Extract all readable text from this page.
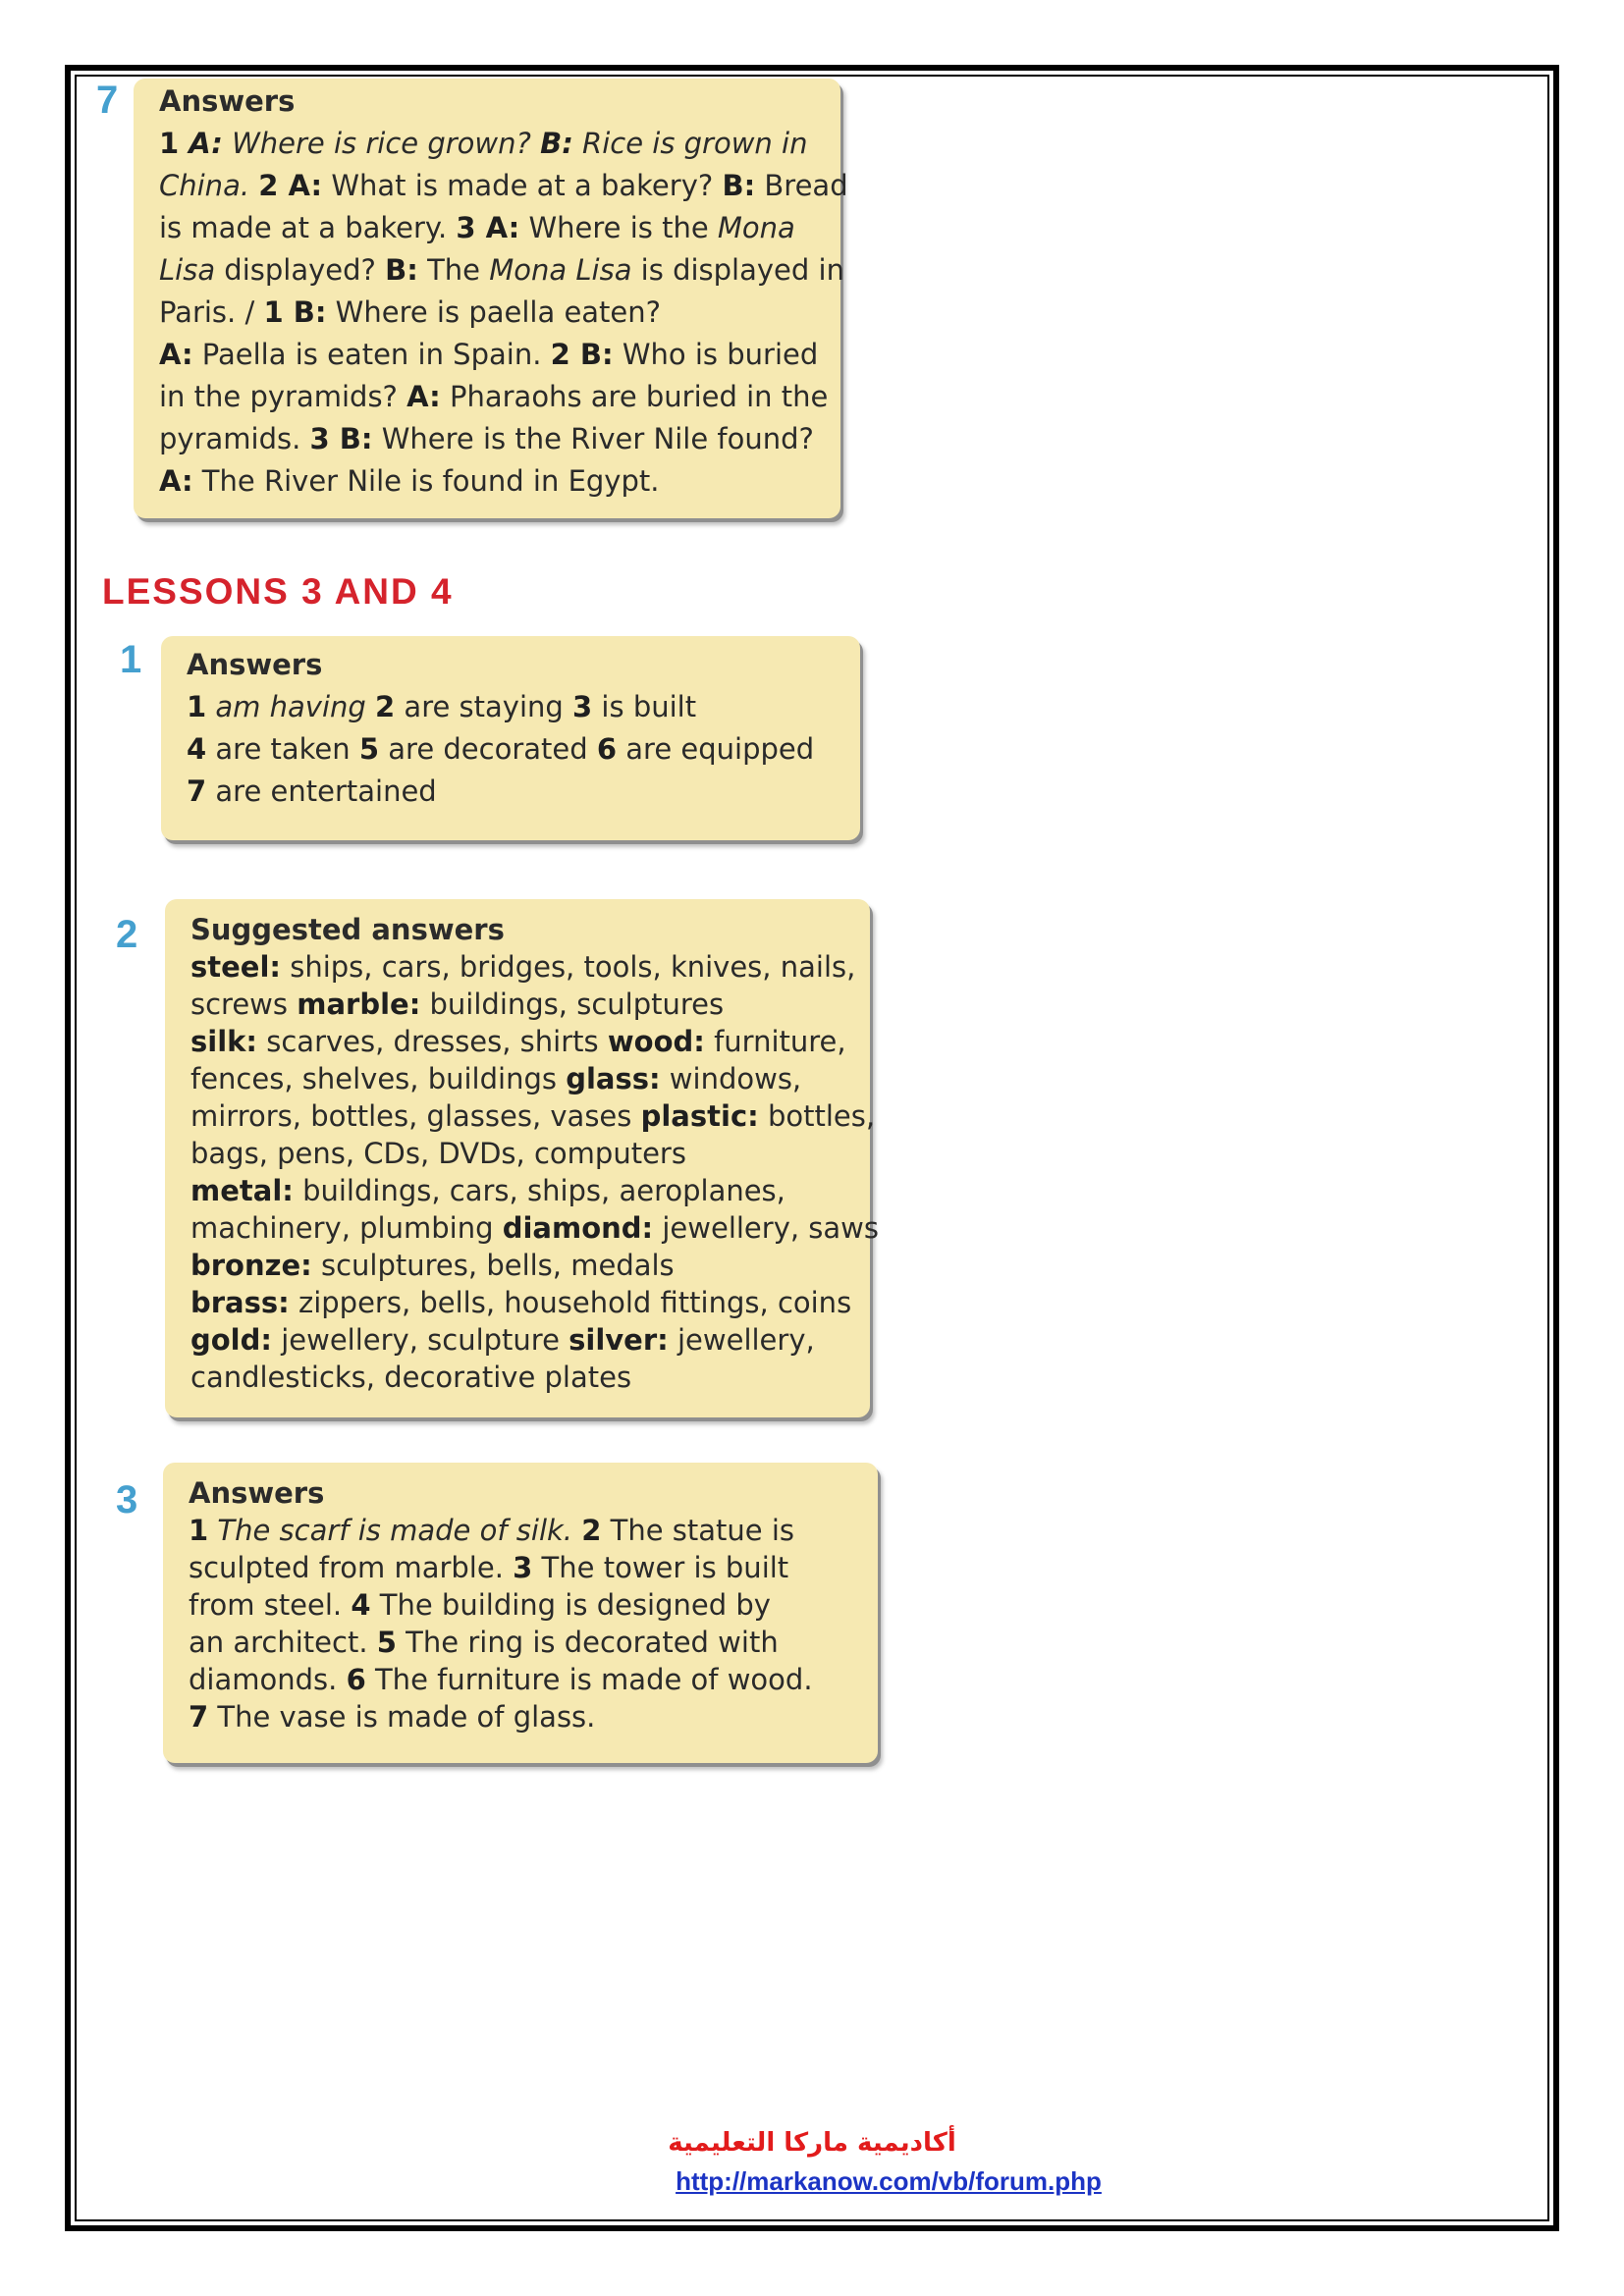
7 Answers
1 A: Where is rice grown? B: Rice is grown in
China. 2 A: What is made at a bakery? B: Bread
is made at a bakery. 3 A: Where is the Mona
Lisa displayed? B: The Mona Lisa is displayed in
Paris. / 1 B: Where is paella eaten?
A: Paella is eaten in Spain. 2 B: Who is buried
in the pyramids? A: Pharaohs are buried in the
pyramids. 3 B: Where is the River Nile found?
A: The River Nile is found in Egypt.
LESSONS 3 AND 4
1 Answers
1 am having 2 are staying 3 is built
4 are taken 5 are decorated 6 are equipped
7 are entertained
2 Suggested answers
steel: ships, cars, bridges, tools, knives, nails,
screws marble: buildings, sculptures
silk: scarves, dresses, shirts wood: furniture,
fences, shelves, buildings glass: windows,
mirrors, bottles, glasses, vases plastic: bottles,
bags, pens, CDs, DVDs, computers
metal: buildings, cars, ships, aeroplanes,
machinery, plumbing diamond: jewellery, saws
bronze: sculptures, bells, medals
brass: zippers, bells, household fittings, coins
gold: jewellery, sculpture silver: jewellery,
candlesticks, decorative plates
3 Answers
1 The scarf is made of silk. 2 The statue is
sculpted from marble. 3 The tower is built
from steel. 4 The building is designed by
an architect. 5 The ring is decorated with
diamonds. 6 The furniture is made of wood.
7 The vase is made of glass.
أكاديمية ماركا التعليمية
http://markanow.com/vb/forum.php
